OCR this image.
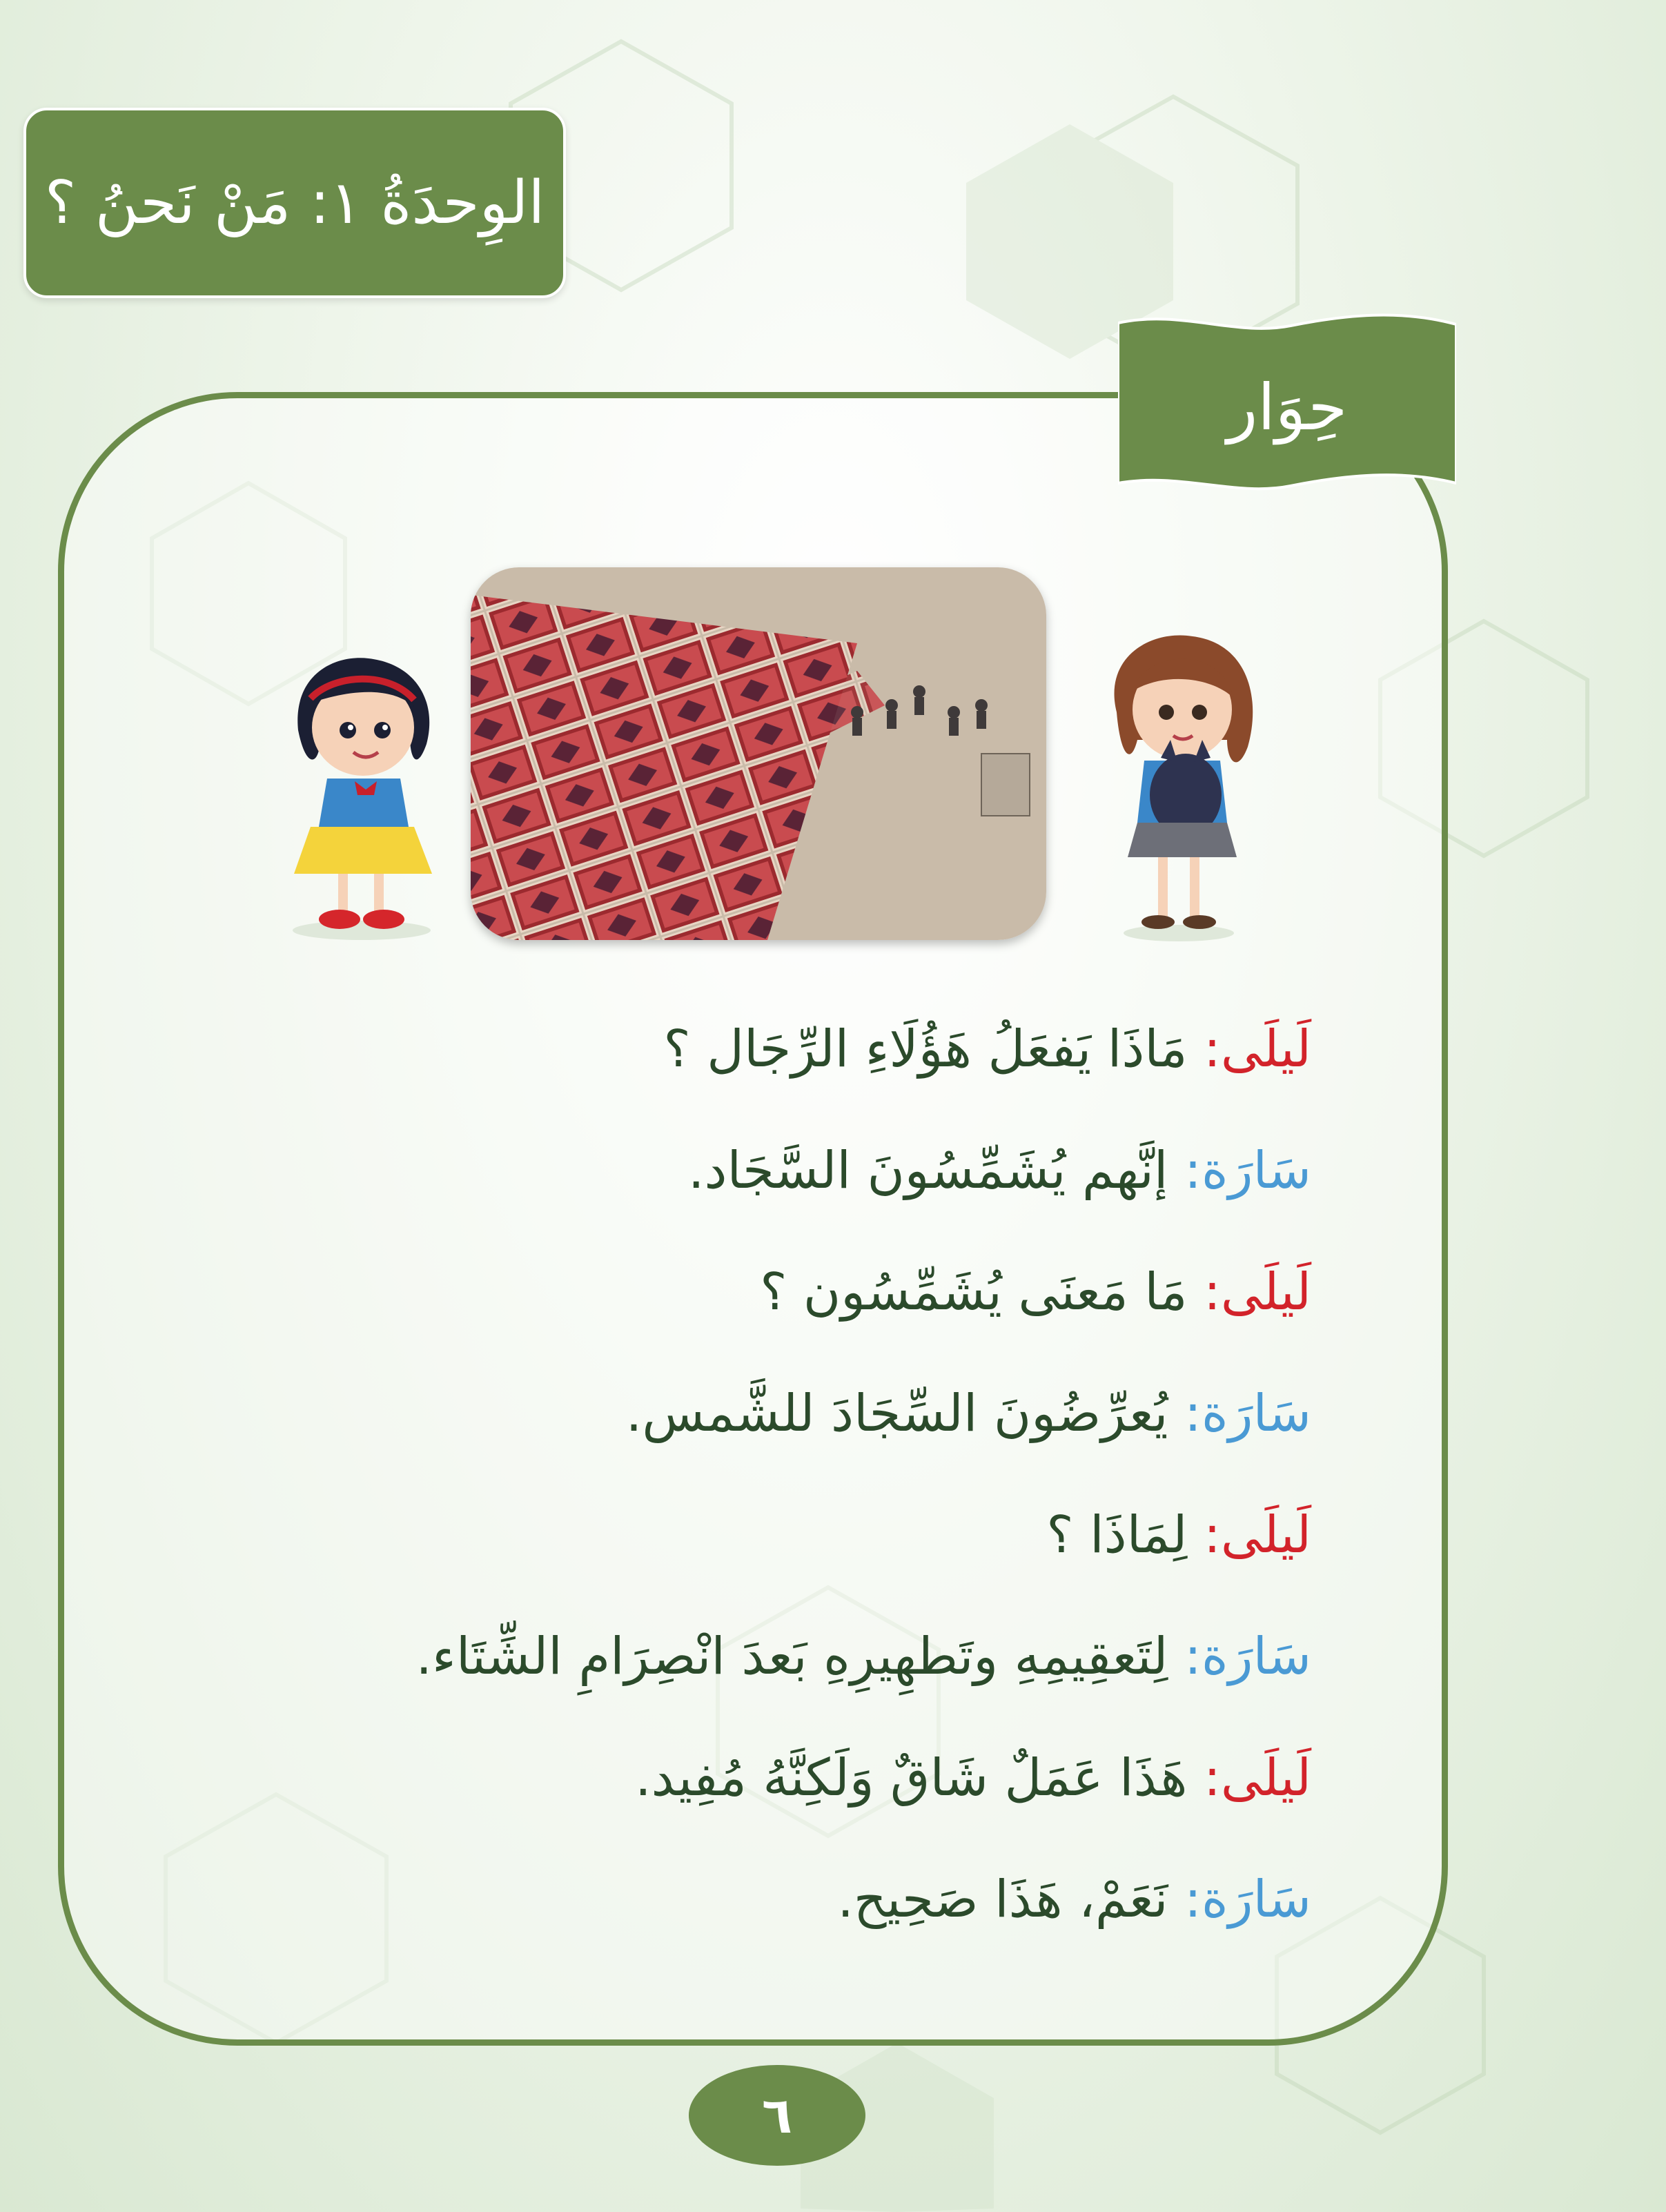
الوِحدَةُ ١: مَنْ نَحنُ ؟
حِوَار
لَيلَى: مَاذَا يَفعَلُ هَؤُلَاءِ الرِّجَال ؟
سَارَة: إنَّهم يُشَمِّسُونَ السَّجَاد.
لَيلَى: مَا مَعنَى يُشَمِّسُون ؟
سَارَة: يُعرِّضُونَ السِّجَادَ للشَّمس.
لَيلَى: لِمَاذَا ؟
سَارَة: لِتَعقِيمِهِ وتَطهِيرِهِ بَعدَ انْصِرَامِ الشِّتَاء.
لَيلَى: هَذَا عَمَلٌ شَاقٌ وَلَكِنَّهُ مُفِيد.
سَارَة: نَعَمْ، هَذَا صَحِيح.
٦
